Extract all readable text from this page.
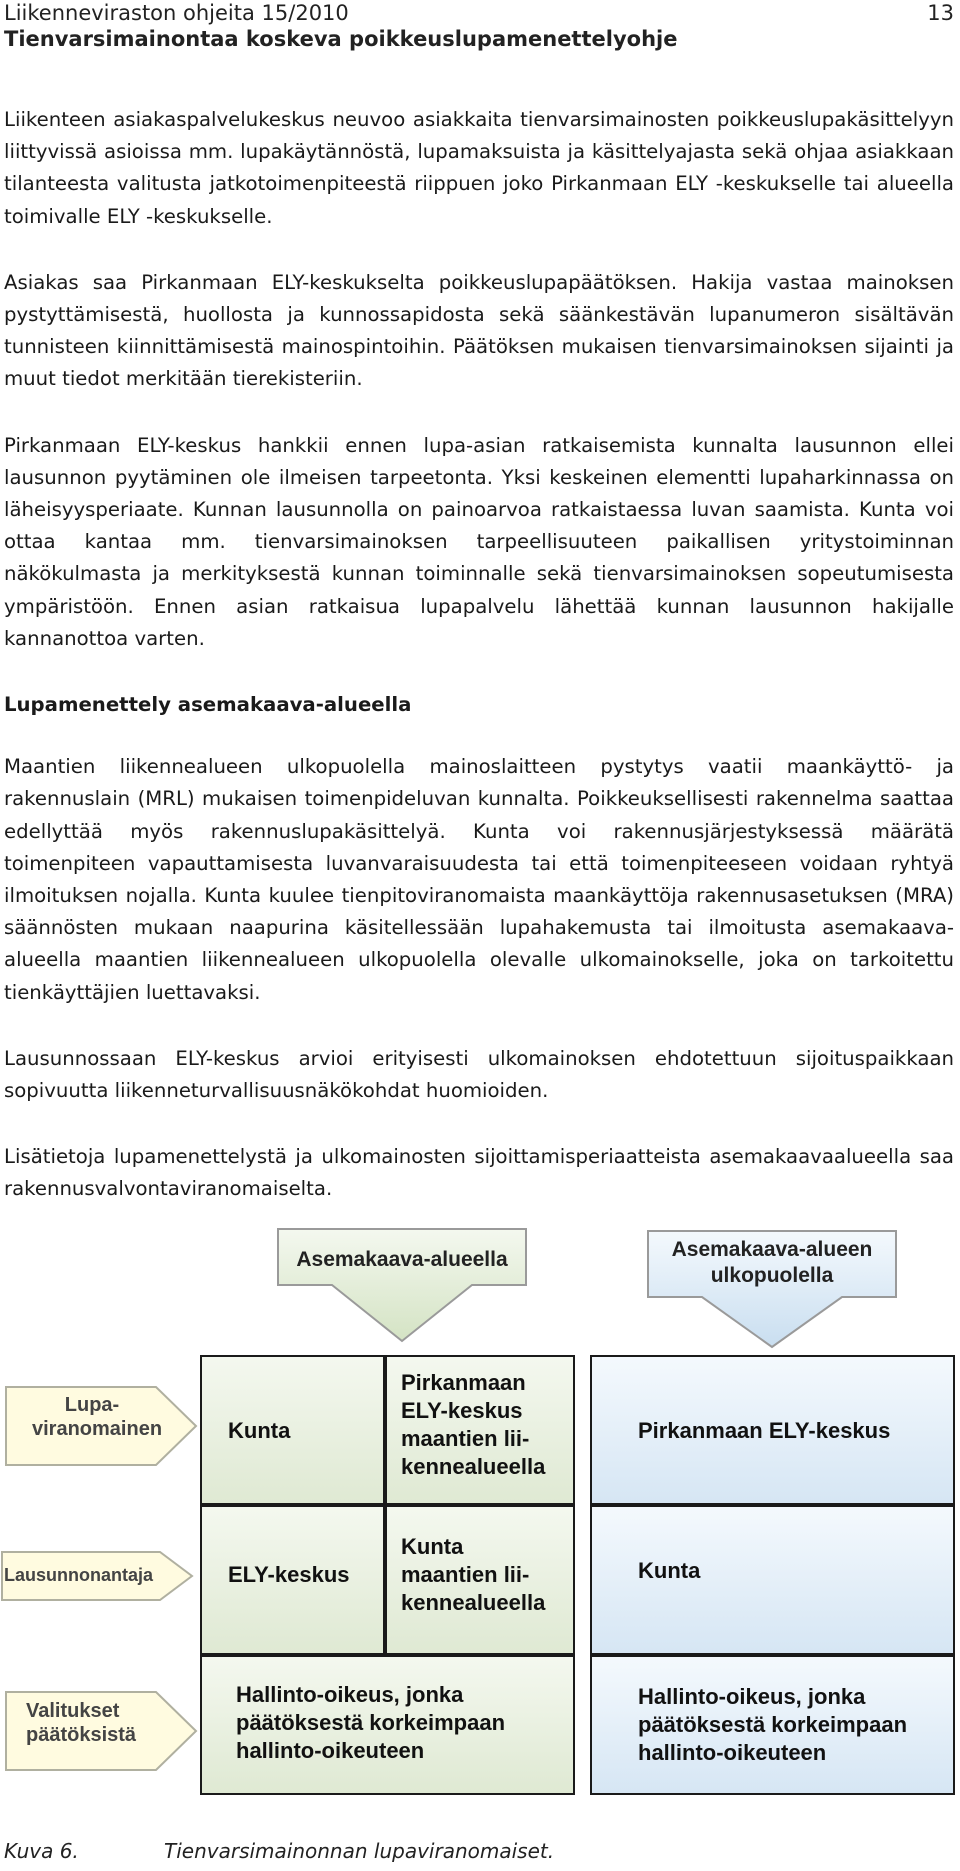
Liikenneviraston ohjeita 15/2010
Tienvarsimainontaa koskeva poikkeuslupamenettelyohje
13

Liikenteen asiakaspalvelukeskus neuvoo asiakkaita tienvarsimainosten poikkeuslupakäsittelyyn liittyvissä asioissa mm. lupakäytännöstä, lupamaksuista ja käsittelyajasta sekä ohjaa asiakkaan tilanteesta valitusta jatkotoimenpiteestä riippuen joko Pirkanmaan ELY -keskukselle tai alueella toimivalle ELY -keskukselle.

Asiakas saa Pirkanmaan ELY-keskukselta poikkeuslupapäätöksen. Hakija vastaa mainoksen pystyttämisestä, huollosta ja kunnossapidosta sekä säänkestävän lupanumeron sisältävän tunnisteen kiinnittämisestä mainospintoihin. Päätöksen mukaisen tienvarsimainoksen sijainti ja muut tiedot merkitään tierekisteriin.

Pirkanmaan ELY-keskus hankkii ennen lupa-asian ratkaisemista kunnalta lausunnon ellei lausunnon pyytäminen ole ilmeisen tarpeetonta. Yksi keskeinen elementti lupaharkinnassa on läheisyysperiaate. Kunnan lausunnolla on painoarvoa ratkaistaessa luvan saamista. Kunta voi ottaa kantaa mm. tienvarsimainoksen tarpeellisuuteen paikallisen yritystoiminnan näkökulmasta ja merkityksestä kunnan toiminnalle sekä tienvarsimainoksen sopeutumisesta ympäristöön. Ennen asian ratkaisua lupapalvelu lähettää kunnan lausunnon hakijalle kannanottoa varten.

Lupamenettely asemakaava-alueella

Maantien liikennealueen ulkopuolella mainoslaitteen pystytys vaatii maankäyttö- ja rakennuslain (MRL) mukaisen toimenpideluvan kunnalta. Poikkeuksellisesti rakennelma saattaa edellyttää myös rakennuslupakäsittelyä. Kunta voi rakennusjärjestyksessä määrätä toimenpiteen vapauttamisesta luvanvaraisuudesta tai että toimenpiteeseen voidaan ryhtyä ilmoituksen nojalla. Kunta kuulee tienpitoviranomaista maankäyttöja rakennusasetuksen (MRA) säännösten mukaan naapurina käsitellessään lupahakemusta tai ilmoitusta asemakaava-alueella maantien liikennealueen ulkopuolella olevalle ulkomainokselle, joka on tarkoitettu tienkäyttäjien luettavaksi.

Lausunnossaan ELY-keskus arvioi erityisesti ulkomainoksen ehdotettuun sijoituspaikkaan sopivuutta liikenneturvallisuusnäkökohdat huomioiden.

Lisätietoja lupamenettelystä ja ulkomainosten sijoittamisperiaatteista asemakaavaalueella saa rakennusvalvontaviranomaiselta.

Asemakaava-alueella	Asemakaava-alueen
ulkopuolella
Kunta
Pirkanmaan
ELY-keskus
maantien lii-
kennealueella
ELY-keskus
Kunta
maantien lii-
kennealueella
Hallinto-oikeus, jonka
päätöksestä korkeimpaan
hallinto-oikeuteen
Pirkanmaan ELY-keskus
Kunta
Hallinto-oikeus, jonka
päätöksestä korkeimpaan
hallinto-oikeuteen
Lupa-
viranomainen
Lausunnonantaja
Valitukset
päätöksistä
Kuva 6.	Tienvarsimainonnan lupaviranomaiset.
